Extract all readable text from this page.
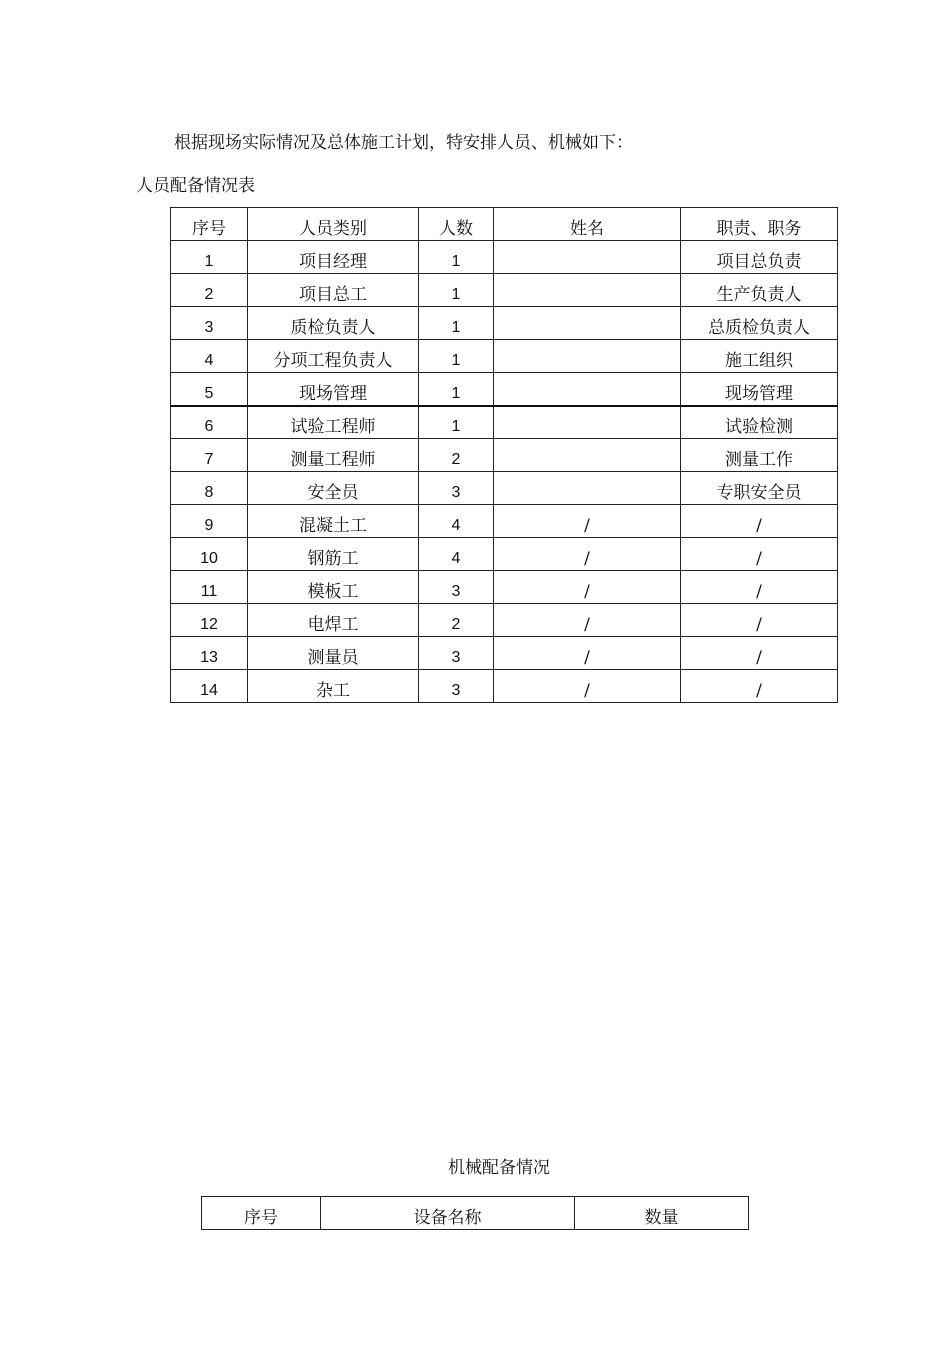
根据现场实际情况及总体施工计划，特安排人员、机械如下：
人员配备情况表
序号	人员类别	人数	姓名	职责、职务
1	项目经理	1		项目总负责
2	项目总工	1		生产负责人
3	质检负责人	1		总质检负责人
4	分项工程负责人	1		施工组织
5	现场管理	1		现场管理
6	试验工程师	1		试验检测
7	测量工程师	2		测量工作
8	安全员	3		专职安全员
9	混凝土工	4	/	/
10	钢筋工	4	/	/
11	模板工	3	/	/
12	电焊工	2	/	/
13	测量员	3	/	/
14	杂工	3	/	/
机械配备情况
序号	设备名称	数量
